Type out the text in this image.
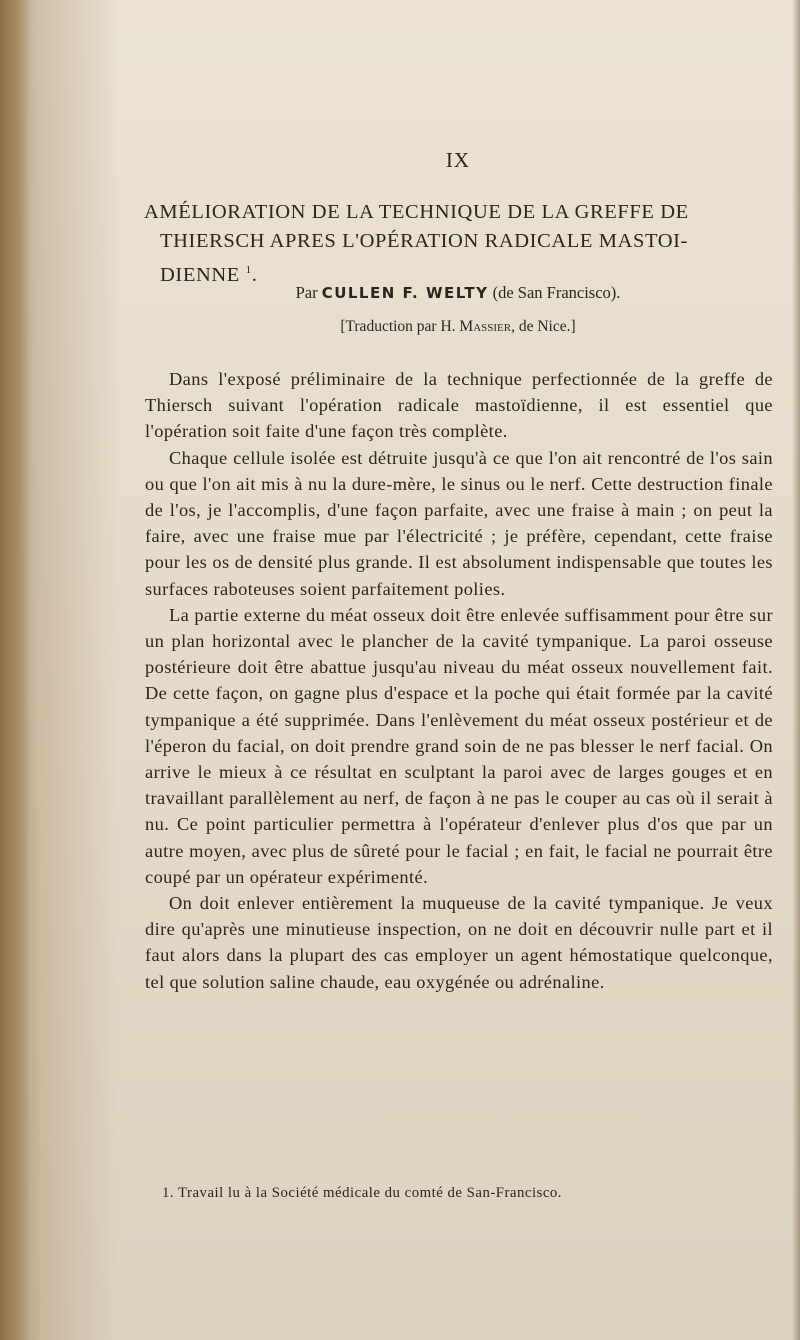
IX
AMÉLIORATION DE LA TECHNIQUE DE LA GREFFE DE
THIERSCH APRES L'OPÉRATION RADICALE MASTOI-
DIENNE $^1$.
Par CULLEN F. WELTY (de San Francisco).
[Traduction par H. Massier, de Nice.]

Dans l'exposé préliminaire de la technique perfectionnée de la greffe de Thiersch suivant l'opération radicale mastoïdienne, il est essentiel que l'opération soit faite d'une façon très complète.

Chaque cellule isolée est détruite jusqu'à ce que l'on ait rencontré de l'os sain ou que l'on ait mis à nu la dure-mère, le sinus ou le nerf. Cette destruction finale de l'os, je l'accomplis, d'une façon parfaite, avec une fraise à main ; on peut la faire, avec une fraise mue par l'électricité ; je préfère, cependant, cette fraise pour les os de densité plus grande. Il est absolument indispensable que toutes les surfaces raboteuses soient parfaitement polies.

La partie externe du méat osseux doit être enlevée suffisamment pour être sur un plan horizontal avec le plancher de la cavité tympanique. La paroi osseuse postérieure doit être abattue jusqu'au niveau du méat osseux nouvellement fait. De cette façon, on gagne plus d'espace et la poche qui était formée par la cavité tympanique a été supprimée. Dans l'enlèvement du méat osseux postérieur et de l'éperon du facial, on doit prendre grand soin de ne pas blesser le nerf facial. On arrive le mieux à ce résultat en sculptant la paroi avec de larges gouges et en travaillant parallèlement au nerf, de façon à ne pas le couper au cas où il serait à nu. Ce point particulier permettra à l'opérateur d'enlever plus d'os que par un autre moyen, avec plus de sûreté pour le facial ; en fait, le facial ne pourrait être coupé par un opérateur expérimenté.

On doit enlever entièrement la muqueuse de la cavité tympanique. Je veux dire qu'après une minutieuse inspection, on ne doit en découvrir nulle part et il faut alors dans la plupart des cas employer un agent hémostatique quelconque, tel que solution saline chaude, eau oxygénée ou adrénaline.

1. Travail lu à la Société médicale du comté de San-Francisco.
